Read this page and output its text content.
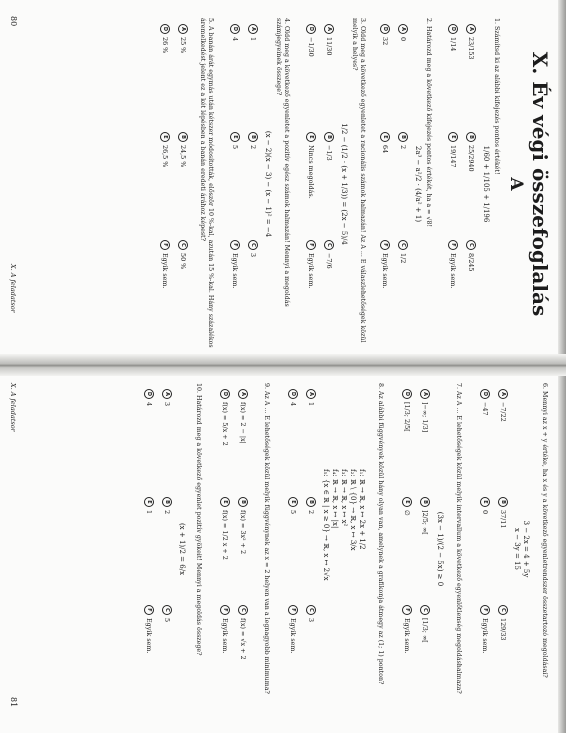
X. Év végi összefoglalás
A
1. Számítsd ki az alábbi kifejezés pontos értékét!
1/60 + 1/105 + 1/196
A
23/153
B
25/2940
C
8/245
D
1/14
E
19/147
F
Egyik sem.
2. Határozd meg a következő kifejezés pontos értékét, ha a = √8!
2a³ − a²/2 · (4/a² + 1)
A
0
B
2
C
1/2
D
32
E
64
F
Egyik sem.
3. Oldd meg a következő egyenletet a racionális számok halmazán! Az A ... E válaszlehetőségek közül melyik a helyes?
1/2 − (1/2 · (x + 1/3)) = (2x − 5)/4
A
11/30
B
−1/3
C
−7/6
D
−1/30
E
Nincs megoldás.
F
Egyik sem.
4. Oldd meg a következő egyenletet a pozitív egész számok halmazán! Mennyi a megoldás számjegyeinek összege?
(x − 2)(x − 3) − (x − 1)² = −4
A
1
B
2
C
3
D
4
E
5
F
Egyik sem.
5. A banán árát egymás után kétszer módosították, először 10 %-kal, azután 15 %-kal. Hány százalékos áremelkedést jelent ez a két lépésben a banán eredeti árához képest?
A
25 %
B
24,5 %
C
50 %
D
26 %
E
26,5 %
F
Egyik sem.
80
X. A feladatsor
6. Mennyi az x + y értéke, ha x és y a következő egyenletrendszer összetartozó megoldásai?
3 − 2x = 4 + 5y
x − 3y = 15
A
−7/22
B
37/11
C
129/33
D
−47
E
0
F
Egyik sem.
7. Az A ... E lehetőségek közül melyik intervallum a következő egyenlőtlenség megoldáshalmaza?
(3x − 1)/(2 − 5x) ≥ 0
A
]−∞; 1/3]
B
]2/5; ∞[
C
[1/3; ∞[
D
[1/3; 2/5[
E
∅
F
Egyik sem.
8. Az alábbi függvények közül hány olyan van, amelynek a grafikonja átmegy az (1; 1) ponton?
f₁: ℝ → ℝ, x ↦ 2x + 1/2
f₂: ℝ \ {0} → ℝ, x ↦ 3/x
f₃: ℝ → ℝ, x ↦ x²
f₄: ℝ → ℝ, x ↦ |x|
f₅: {x ∈ ℝ | x ≥ 0} → ℝ, x ↦ 2√x
A
1
B
2
C
3
D
4
E
5
F
Egyik sem.
9. Az A ... E lehetőségek közül melyik függvénynek az x = 2 helyen van a legnagyobb minimuma?
A
f(x) = 2 − |x|
B
f(x) = 3x² + 2
C
f(x) = √x + 2
D
f(x) = 5/x + 2
E
f(x) = 1/2 x + 2
F
Egyik sem.
10. Határozd meg a következő egyenlet pozitív gyökeit! Mennyi a megoldás összege?
(x + 1)/2 = 6/x
A
3
B
2
C
5
D
4
E
1
F
Egyik sem.
X. A feladatsor
81
